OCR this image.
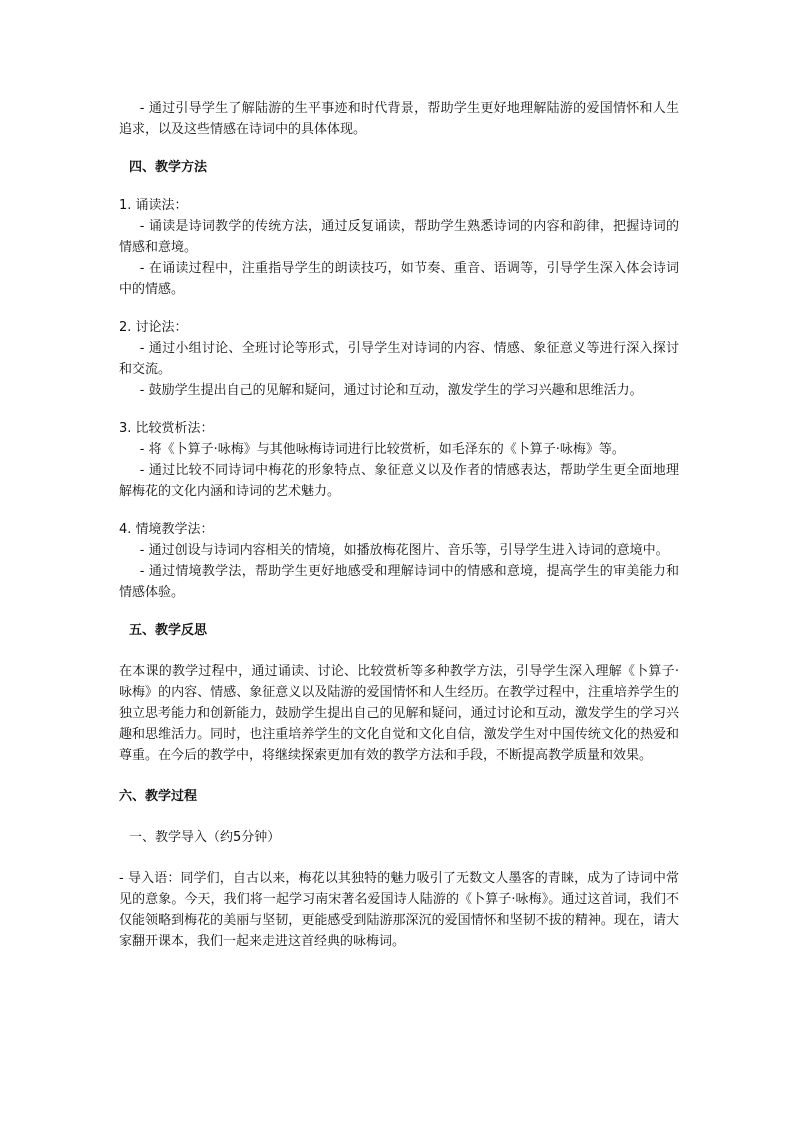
- 通过引导学生了解陆游的生平事迹和时代背景，帮助学生更好地理解陆游的爱国情怀和人生追求，以及这些情感在诗词中的具体体现。

四、教学方法

1. 诵读法：

- 诵读是诗词教学的传统方法，通过反复诵读，帮助学生熟悉诗词的内容和韵律，把握诗词的情感和意境。

- 在诵读过程中，注重指导学生的朗读技巧，如节奏、重音、语调等，引导学生深入体会诗词中的情感。

2. 讨论法：

- 通过小组讨论、全班讨论等形式，引导学生对诗词的内容、情感、象征意义等进行深入探讨和交流。

- 鼓励学生提出自己的见解和疑问，通过讨论和互动，激发学生的学习兴趣和思维活力。

3. 比较赏析法：

- 将《卜算子·咏梅》与其他咏梅诗词进行比较赏析，如毛泽东的《卜算子·咏梅》等。

- 通过比较不同诗词中梅花的形象特点、象征意义以及作者的情感表达，帮助学生更全面地理解梅花的文化内涵和诗词的艺术魅力。

4. 情境教学法：

- 通过创设与诗词内容相关的情境，如播放梅花图片、音乐等，引导学生进入诗词的意境中。

- 通过情境教学法，帮助学生更好地感受和理解诗词中的情感和意境，提高学生的审美能力和情感体验。

五、教学反思

在本课的教学过程中，通过诵读、讨论、比较赏析等多种教学方法，引导学生深入理解《卜算子·咏梅》的内容、情感、象征意义以及陆游的爱国情怀和人生经历。在教学过程中，注重培养学生的独立思考能力和创新能力，鼓励学生提出自己的见解和疑问，通过讨论和互动，激发学生的学习兴趣和思维活力。同时，也注重培养学生的文化自觉和文化自信，激发学生对中国传统文化的热爱和尊重。在今后的教学中，将继续探索更加有效的教学方法和手段，不断提高教学质量和效果。

六、教学过程

一、教学导入（约5分钟）

- 导入语：同学们，自古以来，梅花以其独特的魅力吸引了无数文人墨客的青睐，成为了诗词中常见的意象。今天，我们将一起学习南宋著名爱国诗人陆游的《卜算子·咏梅》。通过这首词，我们不仅能领略到梅花的美丽与坚韧，更能感受到陆游那深沉的爱国情怀和坚韧不拔的精神。现在，请大家翻开课本，我们一起来走进这首经典的咏梅词。
